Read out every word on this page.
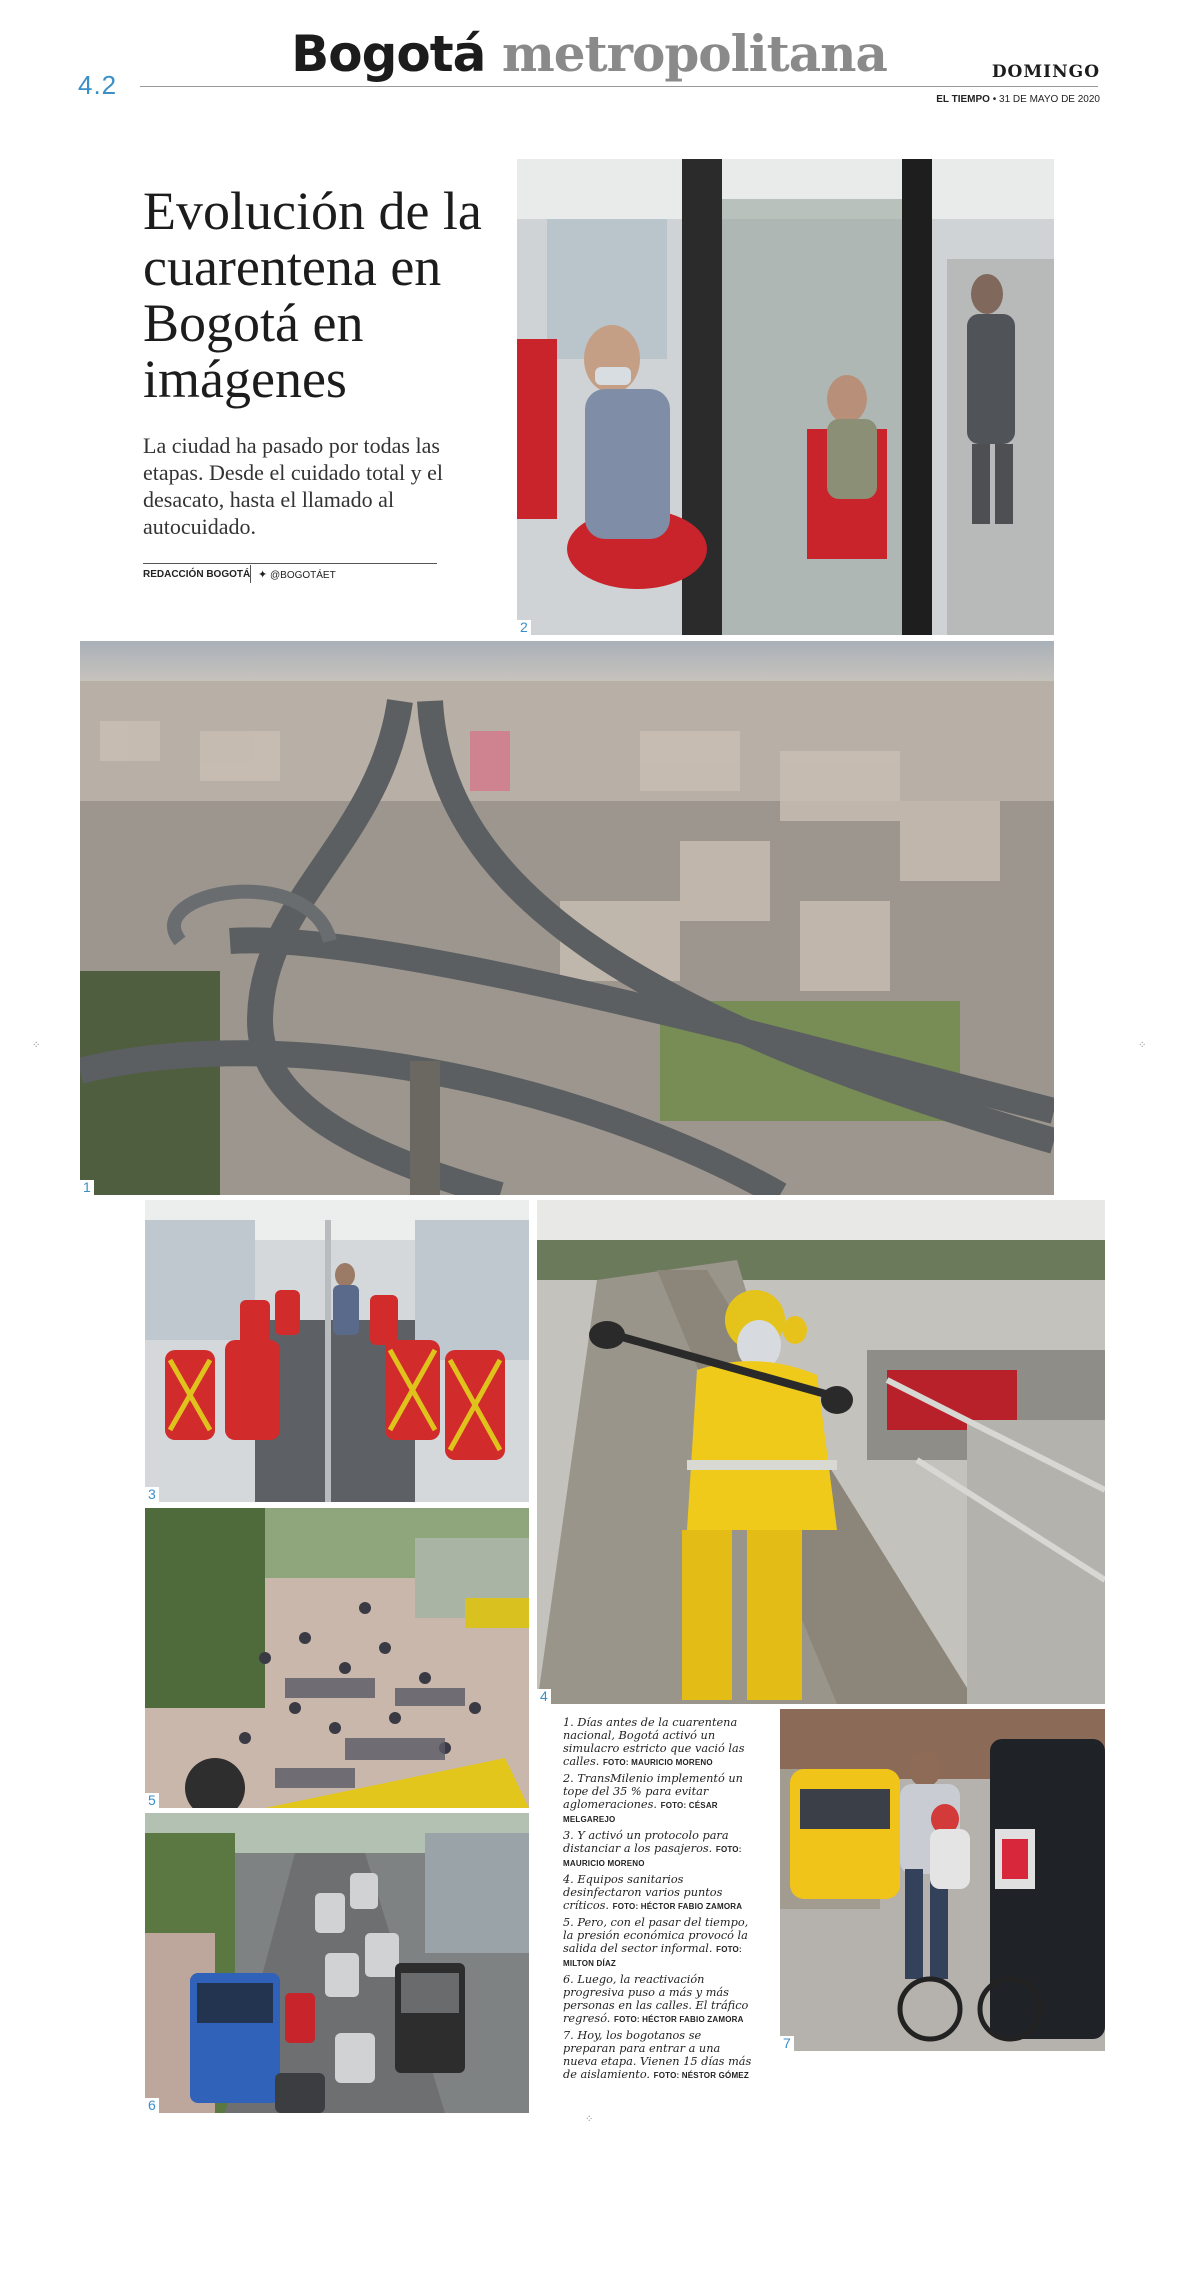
4.2
Bogotá metropolitana	DOMINGO
EL TIEMPO • 31 DE MAYO DE 2020
Evolución de la cuarentena en Bogotá en imágenes
La ciudad ha pasado por todas las etapas. Desde el cuidado total y el desacato, hasta el llamado al autocuidado.
REDACCIÓN BOGOTÁ ✦ @BOGOTÁET
2
1
3
4
5
6
7
1. Días antes de la cuarentena nacional, Bogotá activó un simulacro estricto que vació las calles. FOTO: MAURICIO MORENO
2. TransMilenio implementó un tope del 35 % para evitar aglomeraciones. FOTO: CÉSAR MELGAREJO
3. Y activó un protocolo para distanciar a los pasajeros. FOTO: MAURICIO MORENO
4. Equipos sanitarios desinfectaron varios puntos críticos. FOTO: HÉCTOR FABIO ZAMORA
5. Pero, con el pasar del tiempo, la presión económica provocó la salida del sector informal. FOTO: MILTON DÍAZ
6. Luego, la reactivación progresiva puso a más y más personas en las calles. El tráfico regresó. FOTO: HÉCTOR FABIO ZAMORA
7. Hoy, los bogotanos se preparan para entrar a una nueva etapa. Vienen 15 días más de aislamiento. FOTO: NÉSTOR GÓMEZ
⁘	⁘
⁘
